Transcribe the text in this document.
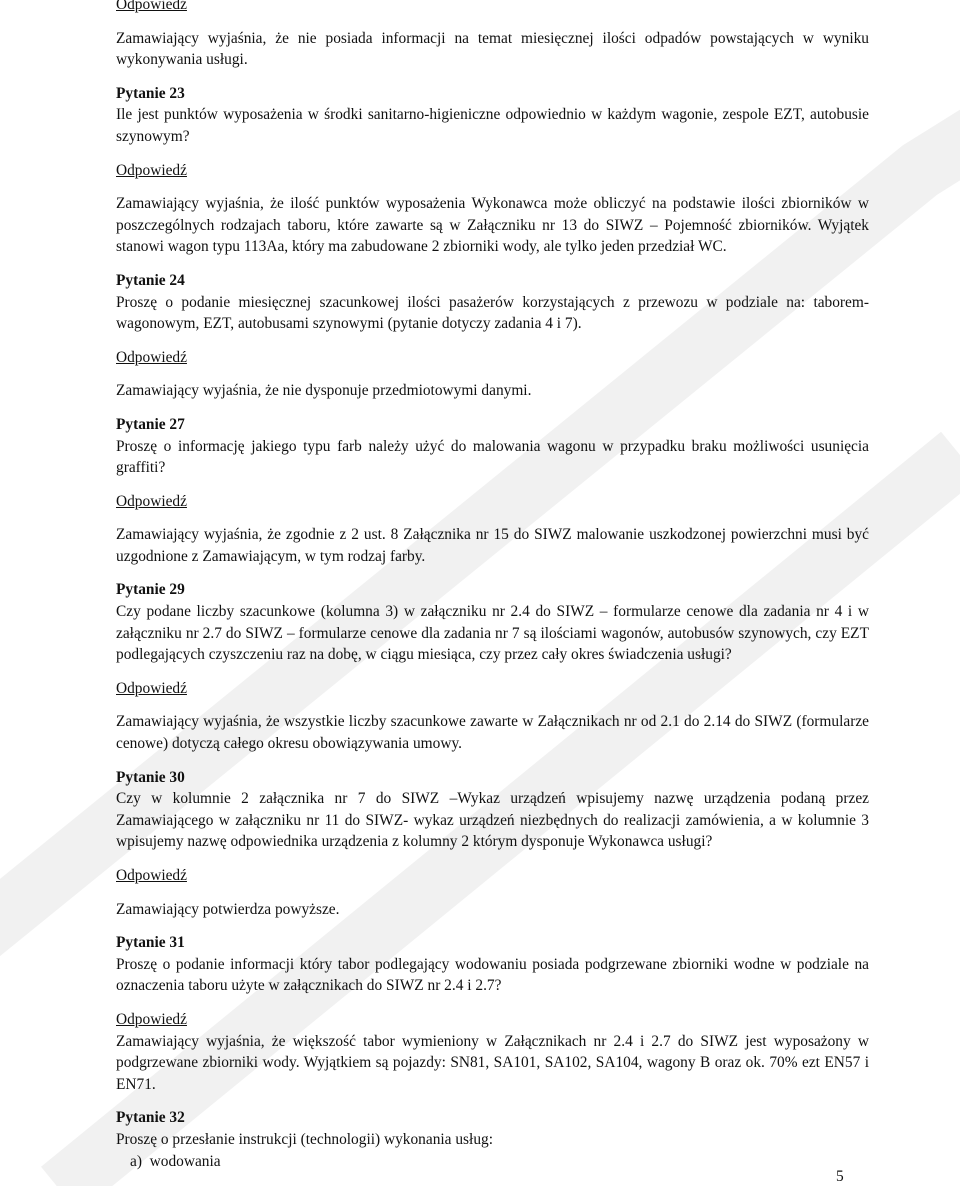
Odpowiedź
Zamawiający wyjaśnia, że nie posiada informacji na temat miesięcznej ilości odpadów powstających w wyniku wykonywania usługi.
Pytanie 23
Ile jest punktów wyposażenia w środki sanitarno-higieniczne odpowiednio w każdym wagonie, zespole EZT, autobusie szynowym?
Odpowiedź
Zamawiający wyjaśnia, że ilość punktów wyposażenia Wykonawca może obliczyć na podstawie ilości zbiorników w poszczególnych rodzajach taboru, które zawarte są w Załączniku nr 13 do SIWZ – Pojemność zbiorników. Wyjątek stanowi wagon typu 113Aa, który ma zabudowane 2 zbiorniki wody, ale tylko jeden przedział WC.
Pytanie 24
Proszę o podanie miesięcznej szacunkowej ilości pasażerów korzystających z przewozu w podziale na: taborem-wagonowym, EZT, autobusami szynowymi (pytanie dotyczy zadania 4 i 7).
Odpowiedź
Zamawiający wyjaśnia, że nie dysponuje przedmiotowymi danymi.
Pytanie 27
Proszę o informację jakiego typu farb należy użyć do malowania wagonu w przypadku braku możliwości usunięcia graffiti?
Odpowiedź
Zamawiający wyjaśnia, że zgodnie z 2 ust. 8 Załącznika nr 15 do SIWZ malowanie uszkodzonej powierzchni musi być uzgodnione z Zamawiającym, w tym rodzaj farby.
Pytanie 29
Czy podane liczby szacunkowe (kolumna 3) w załączniku nr 2.4 do SIWZ – formularze cenowe dla zadania nr 4 i w załączniku nr 2.7 do SIWZ – formularze cenowe dla zadania nr 7 są ilościami wagonów, autobusów szynowych, czy EZT podlegających czyszczeniu raz na dobę, w ciągu miesiąca, czy przez cały okres świadczenia usługi?
Odpowiedź
Zamawiający wyjaśnia, że wszystkie liczby szacunkowe zawarte w Załącznikach nr od 2.1 do 2.14 do SIWZ (formularze cenowe) dotyczą całego okresu obowiązywania umowy.
Pytanie 30
Czy w kolumnie 2 załącznika nr 7 do SIWZ –Wykaz urządzeń wpisujemy nazwę urządzenia podaną przez Zamawiającego w załączniku nr 11 do SIWZ- wykaz urządzeń niezbędnych do realizacji zamówienia, a w kolumnie 3 wpisujemy nazwę odpowiednika urządzenia z kolumny 2 którym dysponuje Wykonawca usługi?
Odpowiedź
Zamawiający potwierdza powyższe.
Pytanie 31
Proszę o podanie informacji który tabor podlegający wodowaniu posiada podgrzewane zbiorniki wodne w podziale na oznaczenia taboru użyte w załącznikach do SIWZ nr 2.4 i 2.7?
Odpowiedź
Zamawiający wyjaśnia, że większość tabor wymieniony w Załącznikach nr 2.4 i 2.7 do SIWZ jest wyposażony w podgrzewane zbiorniki wody. Wyjątkiem są pojazdy: SN81, SA101, SA102, SA104, wagony B oraz ok. 70% ezt EN57 i EN71.
Pytanie 32
Proszę o przesłanie instrukcji (technologii) wykonania usług:
a)  wodowania
5
